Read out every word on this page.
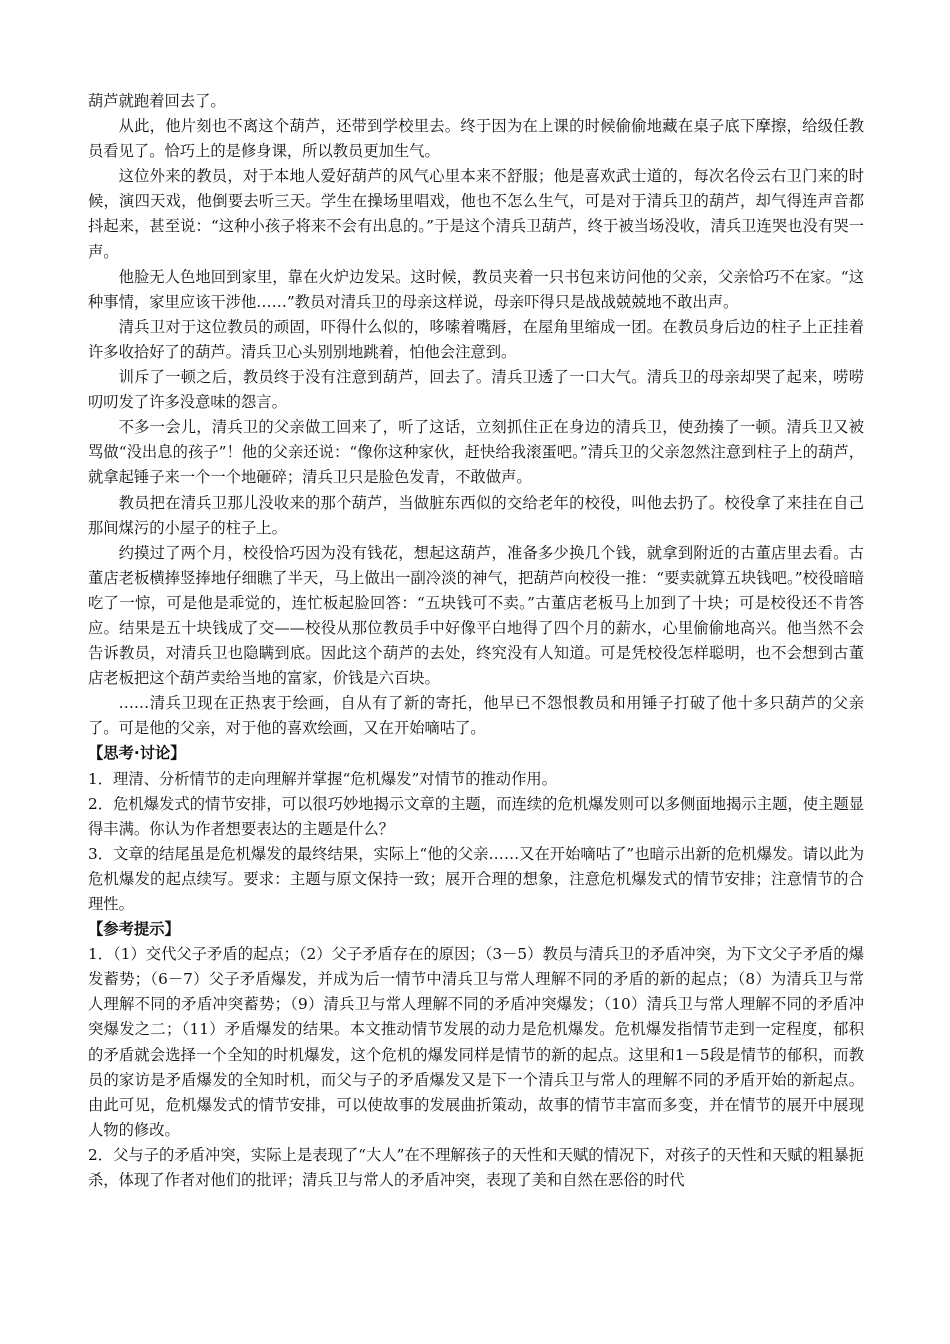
葫芦就跑着回去了。

从此，他片刻也不离这个葫芦，还带到学校里去。终于因为在上课的时候偷偷地藏在桌子底下摩擦，给级任教员看见了。恰巧上的是修身课，所以教员更加生气。

这位外来的教员，对于本地人爱好葫芦的风气心里本来不舒服；他是喜欢武士道的，每次名伶云右卫门来的时候，演四天戏，他倒要去听三天。学生在操场里唱戏，他也不怎么生气，可是对于清兵卫的葫芦，却气得连声音都抖起来，甚至说：“这种小孩子将来不会有出息的。”于是这个清兵卫葫芦，终于被当场没收，清兵卫连哭也没有哭一声。

他脸无人色地回到家里，靠在火炉边发呆。这时候，教员夹着一只书包来访问他的父亲，父亲恰巧不在家。“这种事情，家里应该干涉他……”教员对清兵卫的母亲这样说，母亲吓得只是战战兢兢地不敢出声。

清兵卫对于这位教员的顽固，吓得什么似的，哆嗦着嘴唇，在屋角里缩成一团。在教员身后边的柱子上正挂着许多收拾好了的葫芦。清兵卫心头别别地跳着，怕他会注意到。

训斥了一顿之后，教员终于没有注意到葫芦，回去了。清兵卫透了一口大气。清兵卫的母亲却哭了起来，唠唠叨叨发了许多没意味的怨言。

不多一会儿，清兵卫的父亲做工回来了，听了这话，立刻抓住正在身边的清兵卫，使劲揍了一顿。清兵卫又被骂做“没出息的孩子”！他的父亲还说：“像你这种家伙，赶快给我滚蛋吧。”清兵卫的父亲忽然注意到柱子上的葫芦，就拿起锤子来一个一个地砸碎；清兵卫只是脸色发青，不敢做声。

教员把在清兵卫那儿没收来的那个葫芦，当做脏东西似的交给老年的校役，叫他去扔了。校役拿了来挂在自己那间煤污的小屋子的柱子上。

约摸过了两个月，校役恰巧因为没有钱花，想起这葫芦，准备多少换几个钱，就拿到附近的古董店里去看。古董店老板横捧竖捧地仔细瞧了半天，马上做出一副冷淡的神气，把葫芦向校役一推：“要卖就算五块钱吧。”校役暗暗吃了一惊，可是他是乖觉的，连忙板起脸回答：“五块钱可不卖。”古董店老板马上加到了十块；可是校役还不肯答应。结果是五十块钱成了交——校役从那位教员手中好像平白地得了四个月的薪水，心里偷偷地高兴。他当然不会告诉教员，对清兵卫也隐瞒到底。因此这个葫芦的去处，终究没有人知道。可是凭校役怎样聪明，也不会想到古董店老板把这个葫芦卖给当地的富家，价钱是六百块。

……清兵卫现在正热衷于绘画，自从有了新的寄托，他早已不怨恨教员和用锤子打破了他十多只葫芦的父亲了。可是他的父亲，对于他的喜欢绘画，又在开始嘀咕了。

【思考·讨论】

1．理清、分析情节的走向理解并掌握“危机爆发”对情节的推动作用。

2．危机爆发式的情节安排，可以很巧妙地揭示文章的主题，而连续的危机爆发则可以多侧面地揭示主题，使主题显得丰满。你认为作者想要表达的主题是什么？

3．文章的结尾虽是危机爆发的最终结果，实际上“他的父亲……又在开始嘀咕了”也暗示出新的危机爆发。请以此为危机爆发的起点续写。要求：主题与原文保持一致；展开合理的想象，注意危机爆发式的情节安排；注意情节的合理性。

【参考提示】

1．（1）交代父子矛盾的起点；（2）父子矛盾存在的原因；（3－5）教员与清兵卫的矛盾冲突，为下文父子矛盾的爆发蓄势；（6－7）父子矛盾爆发，并成为后一情节中清兵卫与常人理解不同的矛盾的新的起点；（8）为清兵卫与常人理解不同的矛盾冲突蓄势；（9）清兵卫与常人理解不同的矛盾冲突爆发；（10）清兵卫与常人理解不同的矛盾冲突爆发之二；（11）矛盾爆发的结果。本文推动情节发展的动力是危机爆发。危机爆发指情节走到一定程度，郁积的矛盾就会选择一个全知的时机爆发，这个危机的爆发同样是情节的新的起点。这里和1－5段是情节的郁积，而教员的家访是矛盾爆发的全知时机，而父与子的矛盾爆发又是下一个清兵卫与常人的理解不同的矛盾开始的新起点。由此可见，危机爆发式的情节安排，可以使故事的发展曲折策动，故事的情节丰富而多变，并在情节的展开中展现人物的修改。

2．父与子的矛盾冲突，实际上是表现了“大人”在不理解孩子的天性和天赋的情况下，对孩子的天性和天赋的粗暴扼杀，体现了作者对他们的批评；清兵卫与常人的矛盾冲突，表现了美和自然在恶俗的时代
